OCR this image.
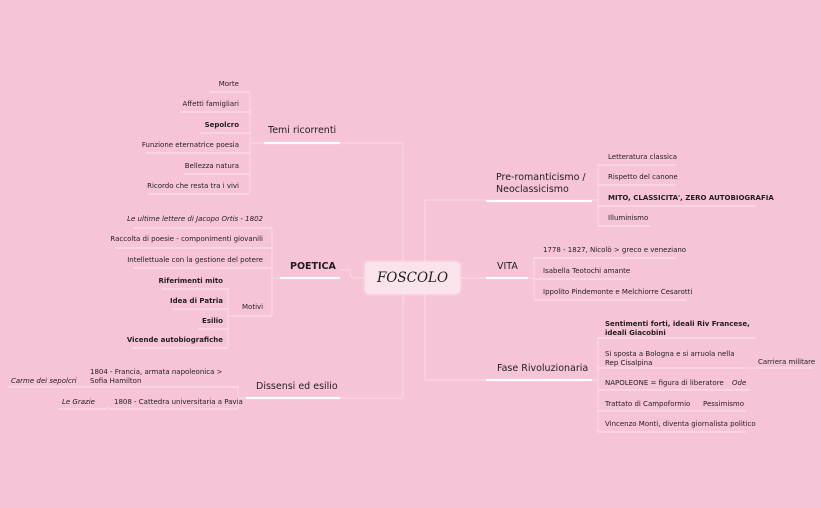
FOSCOLO
Temi ricorrenti
Morte
Affetti famigliari
Sepolcro
Funzione eternatrice poesia
Bellezza natura
Ricordo che resta tra i vivi
POETICA
Le ultime lettere di Jacopo Ortis - 1802
Raccolta di poesie - componimenti giovanili
Intellettuale con la gestione del potere
Motivi
Riferimenti mito
Idea di Patria
Esilio
Vicende autobiografiche
Dissensi ed esilio
1804 - Francia, armata napoleonica > Sofia Hamilton
Carme dei sepolcri
1808 - Cattedra universitaria a Pavia
Le Grazie
Pre-romanticismo / Neoclassicismo
Letteratura classica
Rispetto del canone
MITO, CLASSICITA', ZERO AUTOBIOGRAFIA
Illuminismo
VITA
1778 - 1827, Nicolò > greco e veneziano
Isabella Teotochi amante
Ippolito Pindemonte e Melchiorre Cesarotti
Fase Rivoluzionaria
Sentimenti forti, ideali Riv Francese, ideali Giacobini
Si sposta a Bologna e si arruola nella Rep Cisalpina	Carriera militare
NAPOLEONE = figura di liberatore Ode
Trattato di Campoformio Pessimismo
Vincenzo Monti, diventa giornalista politico
